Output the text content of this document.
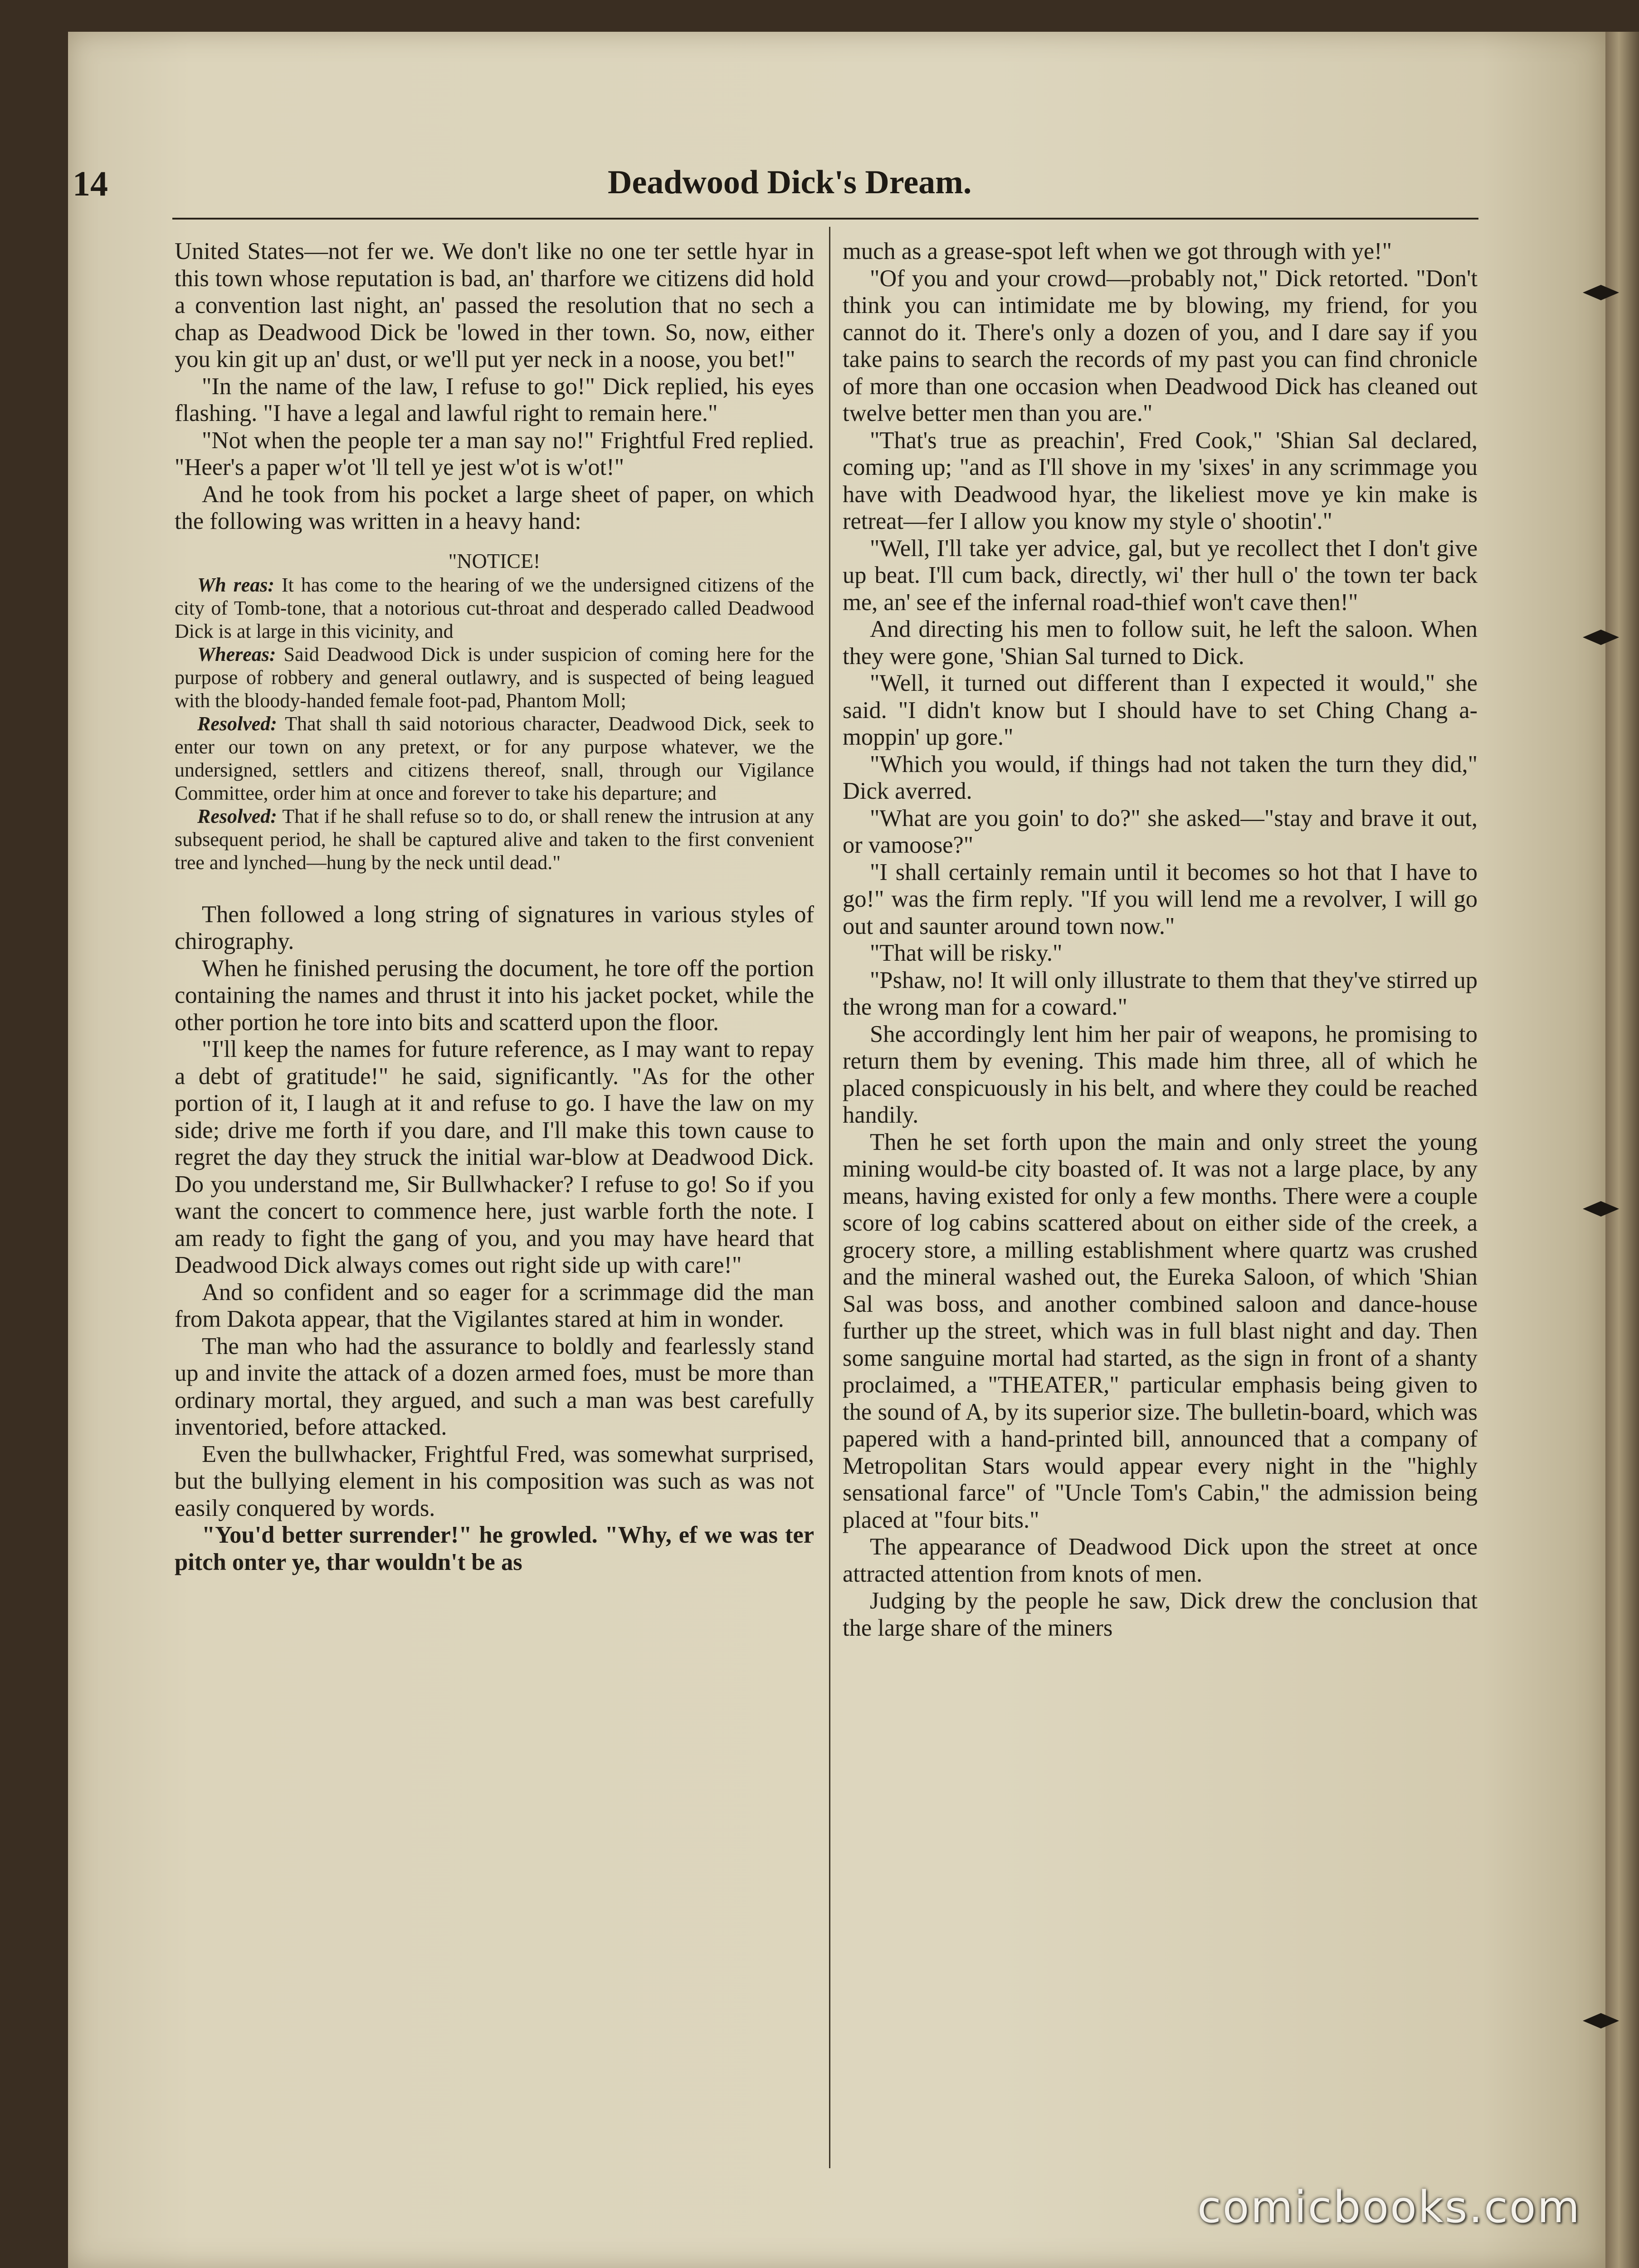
14	Deadwood Dick's Dream.

United States—not fer we. We don't like no one ter settle hyar in this town whose reputation is bad, an' tharfore we citizens did hold a convention last night, an' passed the resolution that no sech a chap as Deadwood Dick be 'lowed in ther town. So, now, either you kin git up an' dust, or we'll put yer neck in a noose, you bet!"

"In the name of the law, I refuse to go!" Dick replied, his eyes flashing. "I have a legal and lawful right to remain here."

"Not when the people ter a man say no!" Frightful Fred replied. "Heer's a paper w'ot 'll tell ye jest w'ot is w'ot!"

And he took from his pocket a large sheet of paper, on which the following was written in a heavy hand:

"NOTICE!

Wh reas: It has come to the hearing of we the undersigned citizens of the city of Tomb-tone, that a notorious cut-throat and desperado called Deadwood Dick is at large in this vicinity, and

Whereas: Said Deadwood Dick is under suspicion of coming here for the purpose of robbery and general outlawry, and is suspected of being leagued with the bloody-handed female foot-pad, Phantom Moll;

Resolved: That shall th said notorious character, Deadwood Dick, seek to enter our town on any pretext, or for any purpose whatever, we the undersigned, settlers and citizens thereof, snall, through our Vigilance Committee, order him at once and forever to take his departure; and

Resolved: That if he shall refuse so to do, or shall renew the intrusion at any subsequent period, he shall be captured alive and taken to the first convenient tree and lynched—hung by the neck until dead."

Then followed a long string of signatures in various styles of chirography.

When he finished perusing the document, he tore off the portion containing the names and thrust it into his jacket pocket, while the other portion he tore into bits and scatterd upon the floor.

"I'll keep the names for future reference, as I may want to repay a debt of gratitude!" he said, significantly. "As for the other portion of it, I laugh at it and refuse to go. I have the law on my side; drive me forth if you dare, and I'll make this town cause to regret the day they struck the initial war-blow at Deadwood Dick. Do you understand me, Sir Bullwhacker? I refuse to go! So if you want the concert to commence here, just warble forth the note. I am ready to fight the gang of you, and you may have heard that Deadwood Dick always comes out right side up with care!"

And so confident and so eager for a scrimmage did the man from Dakota appear, that the Vigilantes stared at him in wonder.

The man who had the assurance to boldly and fearlessly stand up and invite the attack of a dozen armed foes, must be more than ordinary mortal, they argued, and such a man was best carefully inventoried, before attacked.

Even the bullwhacker, Frightful Fred, was somewhat surprised, but the bullying element in his composition was such as was not easily conquered by words.

"You'd better surrender!" he growled. "Why, ef we was ter pitch onter ye, thar wouldn't be as

much as a grease-spot left when we got through with ye!"

"Of you and your crowd—probably not," Dick retorted. "Don't think you can intimidate me by blowing, my friend, for you cannot do it. There's only a dozen of you, and I dare say if you take pains to search the records of my past you can find chronicle of more than one occasion when Deadwood Dick has cleaned out twelve better men than you are."

"That's true as preachin', Fred Cook," 'Shian Sal declared, coming up; "and as I'll shove in my 'sixes' in any scrimmage you have with Deadwood hyar, the likeliest move ye kin make is retreat—fer I allow you know my style o' shootin'."

"Well, I'll take yer advice, gal, but ye recollect thet I don't give up beat. I'll cum back, directly, wi' ther hull o' the town ter back me, an' see ef the infernal road-thief won't cave then!"

And directing his men to follow suit, he left the saloon. When they were gone, 'Shian Sal turned to Dick.

"Well, it turned out different than I expected it would," she said. "I didn't know but I should have to set Ching Chang a-moppin' up gore."

"Which you would, if things had not taken the turn they did," Dick averred.

"What are you goin' to do?" she asked—"stay and brave it out, or vamoose?"

"I shall certainly remain until it becomes so hot that I have to go!" was the firm reply. "If you will lend me a revolver, I will go out and saunter around town now."

"That will be risky."

"Pshaw, no! It will only illustrate to them that they've stirred up the wrong man for a coward."

She accordingly lent him her pair of weapons, he promising to return them by evening. This made him three, all of which he placed conspicuously in his belt, and where they could be reached handily.

Then he set forth upon the main and only street the young mining would-be city boasted of. It was not a large place, by any means, having existed for only a few months. There were a couple score of log cabins scattered about on either side of the creek, a grocery store, a milling establishment where quartz was crushed and the mineral washed out, the Eureka Saloon, of which 'Shian Sal was boss, and another combined saloon and dance-house further up the street, which was in full blast night and day. Then some sanguine mortal had started, as the sign in front of a shanty proclaimed, a "THEATER," particular emphasis being given to the sound of A, by its superior size. The bulletin-board, which was papered with a hand-printed bill, announced that a company of Metropolitan Stars would appear every night in the "highly sensational farce" of "Uncle Tom's Cabin," the admission being placed at "four bits."

The appearance of Deadwood Dick upon the street at once attracted attention from knots of men.

Judging by the people he saw, Dick drew the conclusion that the large share of the miners

comicbooks.com
